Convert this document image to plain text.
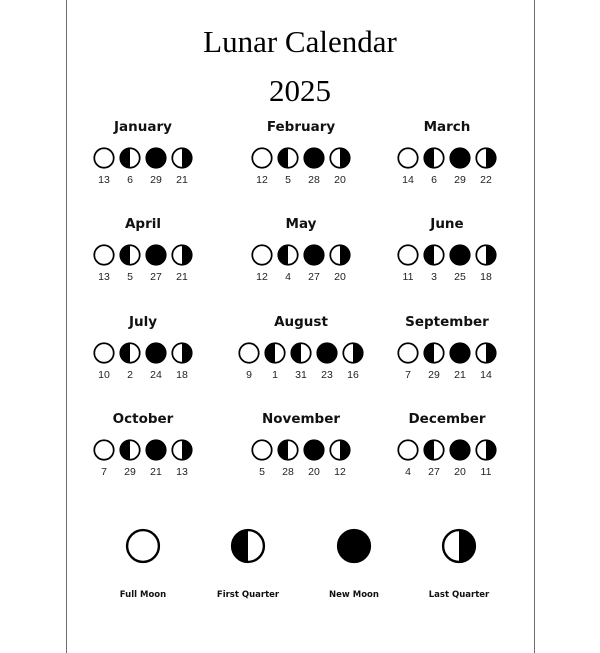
Lunar Calendar
2025
January
13	6	29	21
February
12	5	28	20
March
14	6	29	22
April
13	5	27	21
May
12	4	27	20
June
11	3	25	18
July
10	2	24	18
August
9	1	31	23	16
September
7	29	21	14
October
7	29	21	13
November
5	28	20	12
December
4	27	20	11
Full Moon	First Quarter	New Moon	Last Quarter
